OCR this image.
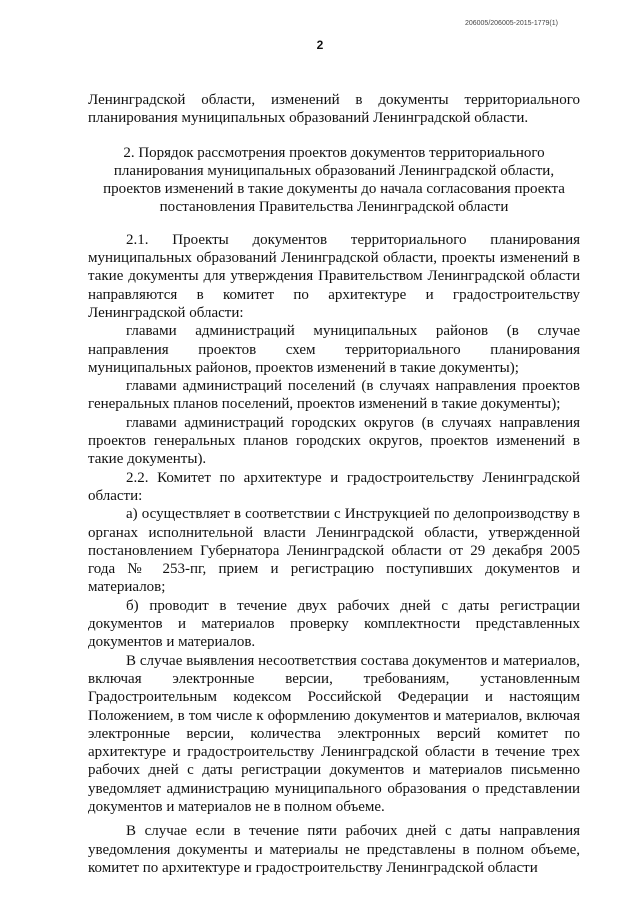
206005/206005-2015-1779(1)
2

Ленинградской области, изменений в документы территориального планирования муниципальных образований Ленинградской области.

2. Порядок рассмотрения проектов документов территориального планирования муниципальных образований Ленинградской области, проектов изменений в такие документы до начала согласования проекта постановления Правительства Ленинградской области

2.1. Проекты документов территориального планирования муниципальных образований Ленинградской области, проекты изменений в такие документы для утверждения Правительством Ленинградской области направляются в комитет по архитектуре и градостроительству Ленинградской области:

главами администраций муниципальных районов (в случае направления проектов схем территориального планирования муниципальных районов, проектов изменений в такие документы);

главами администраций поселений (в случаях направления проектов генеральных планов поселений, проектов изменений в такие документы);

главами администраций городских округов (в случаях направления проектов генеральных планов городских округов, проектов изменений в такие документы).

2.2. Комитет по архитектуре и градостроительству Ленинградской области:

а) осуществляет в соответствии с Инструкцией по делопроизводству в органах исполнительной власти Ленинградской области, утвержденной постановлением Губернатора Ленинградской области от 29 декабря 2005 года № 253-пг, прием и регистрацию поступивших документов и материалов;

б) проводит в течение двух рабочих дней с даты регистрации документов и материалов проверку комплектности представленных документов и материалов.

В случае выявления несоответствия состава документов и материалов, включая электронные версии, требованиям, установленным Градостроительным кодексом Российской Федерации и настоящим Положением, в том числе к оформлению документов и материалов, включая электронные версии, количества электронных версий комитет по архитектуре и градостроительству Ленинградской области в течение трех рабочих дней с даты регистрации документов и материалов письменно уведомляет администрацию муниципального образования о представлении документов и материалов не в полном объеме.

В случае если в течение пяти рабочих дней с даты направления уведомления документы и материалы не представлены в полном объеме, комитет по архитектуре и градостроительству Ленинградской области
